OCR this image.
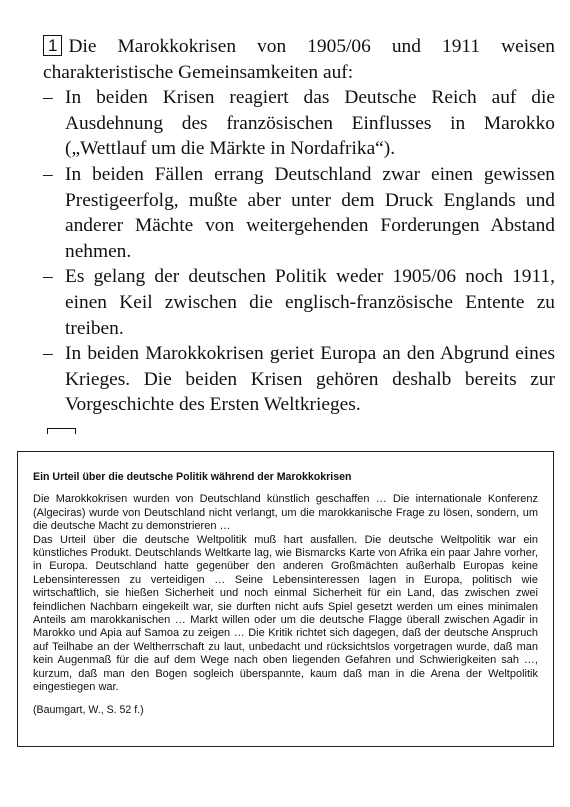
1 Die Marokkokrisen von 1905/06 und 1911 weisen charakteristische Gemeinsamkeiten auf:

– In beiden Krisen reagiert das Deutsche Reich auf die Ausdehnung des französischen Einflusses in Marokko („Wettlauf um die Märkte in Nordafrika“).
– In beiden Fällen errang Deutschland zwar einen gewissen Prestigeerfolg, mußte aber unter dem Druck Englands und anderer Mächte von weitergehenden Forderungen Abstand nehmen.
– Es gelang der deutschen Politik weder 1905/06 noch 1911, einen Keil zwischen die englisch-französische Entente zu treiben.
– In beiden Marokkokrisen geriet Europa an den Abgrund eines Krieges. Die beiden Krisen gehören deshalb bereits zur Vorgeschichte des Ersten Weltkrieges.
Ein Urteil über die deutsche Politik während der Marokkokrisen

Die Marokkokrisen wurden von Deutschland künstlich geschaffen … Die internationale Konferenz (Algeciras) wurde von Deutschland nicht verlangt, um die marokkanische Frage zu lösen, sondern, um die deutsche Macht zu demonstrieren …

Das Urteil über die deutsche Weltpolitik muß hart ausfallen. Die deutsche Weltpolitik war ein künstliches Produkt. Deutschlands Weltkarte lag, wie Bismarcks Karte von Afrika ein paar Jahre vorher, in Europa. Deutschland hatte gegenüber den anderen Großmächten außerhalb Europas keine Lebensinteressen zu verteidigen … Seine Lebensinteressen lagen in Europa, politisch wie wirtschaftlich, sie hießen Sicherheit und noch einmal Sicherheit für ein Land, das zwischen zwei feindlichen Nachbarn eingekeilt war, sie durften nicht aufs Spiel gesetzt werden um eines minimalen Anteils am marokkanischen … Markt willen oder um die deutsche Flagge überall zwischen Agadir in Marokko und Apia auf Samoa zu zeigen … Die Kritik richtet sich dagegen, daß der deutsche Anspruch auf Teilhabe an der Weltherrschaft zu laut, unbedacht und rücksichtslos vorgetragen wurde, daß man kein Augenmaß für die auf dem Wege nach oben liegenden Gefahren und Schwierigkeiten sah …, kurzum, daß man den Bogen sogleich überspannte, kaum daß man in die Arena der Weltpolitik eingestiegen war.

(Baumgart, W., S. 52 f.)
